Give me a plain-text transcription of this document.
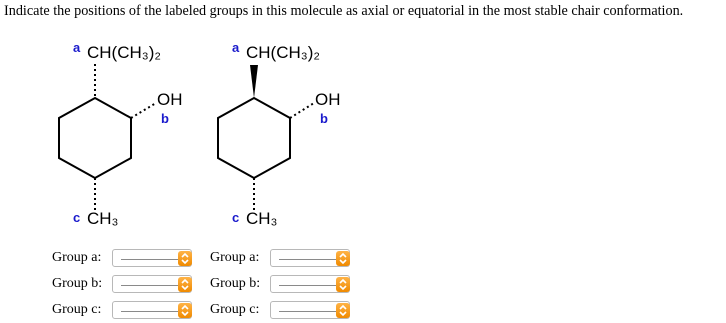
Indicate the positions of the labeled groups in this molecule as axial or equatorial in the most stable chair conformation.
a CH(CH₃)₂
OH
b
c CH₃
a CH(CH₃)₂
OH
b
c CH₃
Group a:
Group b:
Group c:
Group a:
Group b:
Group c:
